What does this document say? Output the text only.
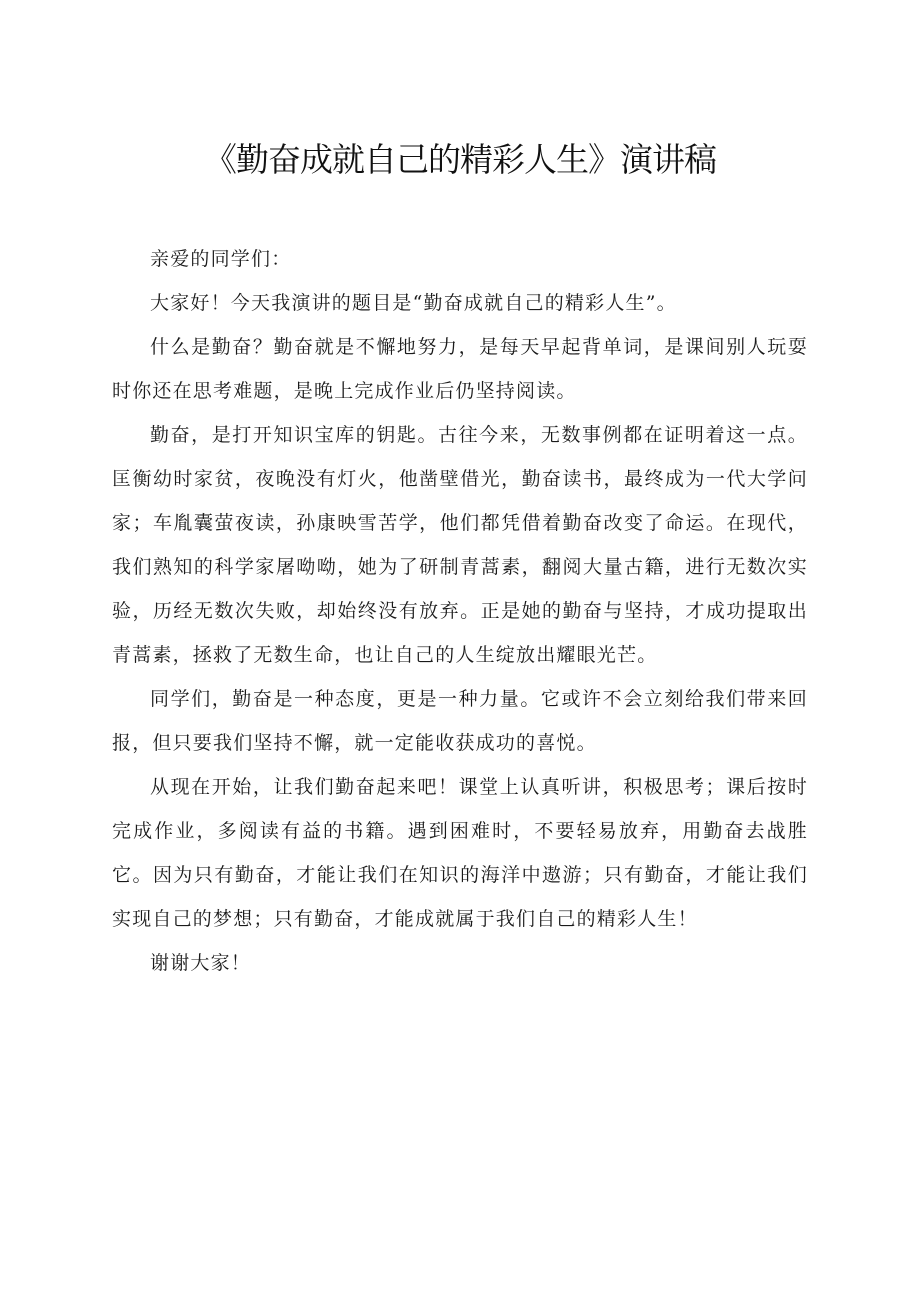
《勤奋成就自己的精彩人生》演讲稿

亲爱的同学们：

大家好！今天我演讲的题目是“勤奋成就自己的精彩人生”。

什么是勤奋？勤奋就是不懈地努力，是每天早起背单词，是课间别人玩耍时你还在思考难题，是晚上完成作业后仍坚持阅读。

勤奋，是打开知识宝库的钥匙。古往今来，无数事例都在证明着这一点。匡衡幼时家贫，夜晚没有灯火，他凿壁借光，勤奋读书，最终成为一代大学问家；车胤囊萤夜读，孙康映雪苦学，他们都凭借着勤奋改变了命运。在现代，我们熟知的科学家屠呦呦，她为了研制青蒿素，翻阅大量古籍，进行无数次实验，历经无数次失败，却始终没有放弃。正是她的勤奋与坚持，才成功提取出青蒿素，拯救了无数生命，也让自己的人生绽放出耀眼光芒。

同学们，勤奋是一种态度，更是一种力量。它或许不会立刻给我们带来回报，但只要我们坚持不懈，就一定能收获成功的喜悦。

从现在开始，让我们勤奋起来吧！课堂上认真听讲，积极思考；课后按时完成作业，多阅读有益的书籍。遇到困难时，不要轻易放弃，用勤奋去战胜它。因为只有勤奋，才能让我们在知识的海洋中遨游；只有勤奋，才能让我们实现自己的梦想；只有勤奋，才能成就属于我们自己的精彩人生！

谢谢大家！
